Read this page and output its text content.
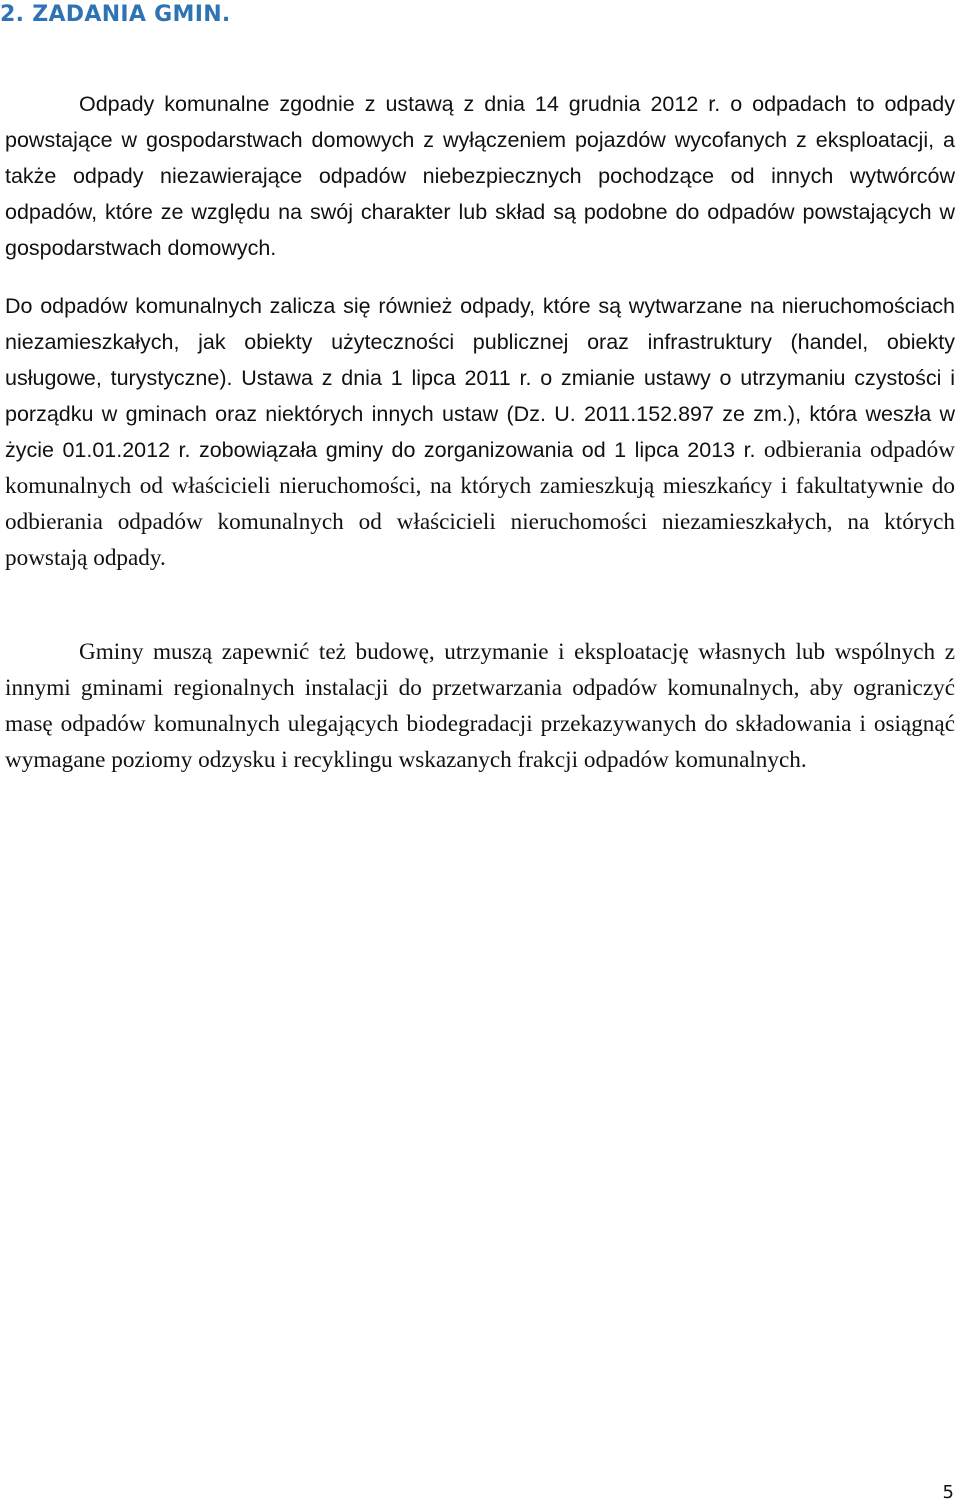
2. ZADANIA GMIN.

Odpady komunalne zgodnie z ustawą z dnia 14 grudnia 2012 r. o odpadach to odpady powstające w gospodarstwach domowych z wyłączeniem pojazdów wycofanych z eksploatacji, a także odpady niezawierające odpadów niebezpiecznych pochodzące od innych wytwórców odpadów, które ze względu na swój charakter lub skład są podobne do odpadów powstających w gospodarstwach domowych.

Do odpadów komunalnych zalicza się również odpady, które są wytwarzane na nieruchomościach niezamieszkałych, jak obiekty użyteczności publicznej oraz infrastruktury (handel, obiekty usługowe, turystyczne). Ustawa z dnia 1 lipca 2011 r. o zmianie ustawy o utrzymaniu czystości i porządku w gminach oraz niektórych innych ustaw (Dz. U. 2011.152.897 ze zm.), która weszła w życie 01.01.2012 r. zobowiązała gminy do zorganizowania od 1 lipca 2013 r. odbierania odpadów komunalnych od właścicieli nieruchomości, na których zamieszkują mieszkańcy i fakultatywnie do odbierania odpadów komunalnych od właścicieli nieruchomości niezamieszkałych, na których powstają odpady.

Gminy muszą zapewnić też budowę, utrzymanie i eksploatację własnych lub wspólnych z innymi gminami regionalnych instalacji do przetwarzania odpadów komunalnych, aby ograniczyć masę odpadów komunalnych ulegających biodegradacji przekazywanych do składowania i osiągnąć wymagane poziomy odzysku i recyklingu wskazanych frakcji odpadów komunalnych.

5
